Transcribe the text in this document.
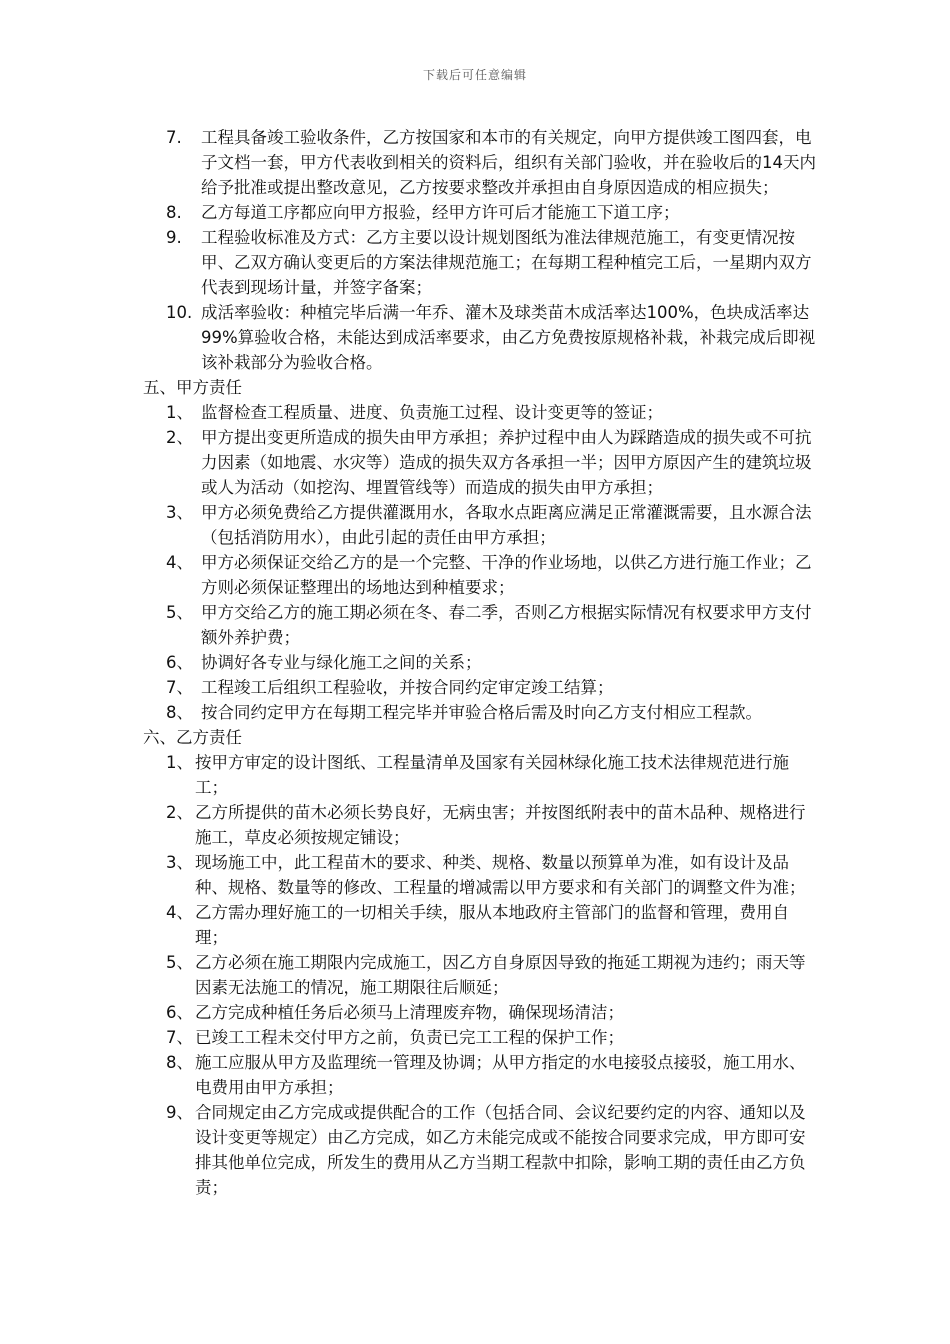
下载后可任意编辑
7. 工程具备竣工验收条件，乙方按国家和本市的有关规定，向甲方提供竣工图四套，电子文档一套，甲方代表收到相关的资料后，组织有关部门验收，并在验收后的14天内给予批准或提出整改意见，乙方按要求整改并承担由自身原因造成的相应损失；
8. 乙方每道工序都应向甲方报验，经甲方许可后才能施工下道工序；
9. 工程验收标准及方式：乙方主要以设计规划图纸为准法律规范施工，有变更情况按甲、乙双方确认变更后的方案法律规范施工；在每期工程种植完工后，一星期内双方代表到现场计量，并签字备案；
10. 成活率验收：种植完毕后满一年乔、灌木及球类苗木成活率达100%，色块成活率达99%算验收合格，未能达到成活率要求，由乙方免费按原规格补栽，补栽完成后即视该补栽部分为验收合格。
五、甲方责任
1、 监督检查工程质量、进度、负责施工过程、设计变更等的签证；
2、 甲方提出变更所造成的损失由甲方承担；养护过程中由人为踩踏造成的损失或不可抗力因素（如地震、水灾等）造成的损失双方各承担一半；因甲方原因产生的建筑垃圾或人为活动（如挖沟、埋置管线等）而造成的损失由甲方承担；
3、 甲方必须免费给乙方提供灌溉用水，各取水点距离应满足正常灌溉需要，且水源合法（包括消防用水），由此引起的责任由甲方承担；
4、 甲方必须保证交给乙方的是一个完整、干净的作业场地，以供乙方进行施工作业；乙方则必须保证整理出的场地达到种植要求；
5、 甲方交给乙方的施工期必须在冬、春二季，否则乙方根据实际情况有权要求甲方支付额外养护费；
6、 协调好各专业与绿化施工之间的关系；
7、 工程竣工后组织工程验收，并按合同约定审定竣工结算；
8、 按合同约定甲方在每期工程完毕并审验合格后需及时向乙方支付相应工程款。
六、乙方责任
1、 按甲方审定的设计图纸、工程量清单及国家有关园林绿化施工技术法律规范进行施工；
2、 乙方所提供的苗木必须长势良好，无病虫害；并按图纸附表中的苗木品种、规格进行施工，草皮必须按规定铺设；
3、 现场施工中，此工程苗木的要求、种类、规格、数量以预算单为准，如有设计及品种、规格、数量等的修改、工程量的增减需以甲方要求和有关部门的调整文件为准；
4、 乙方需办理好施工的一切相关手续，服从本地政府主管部门的监督和管理，费用自理；
5、 乙方必须在施工期限内完成施工，因乙方自身原因导致的拖延工期视为违约；雨天等因素无法施工的情况，施工期限往后顺延；
6、 乙方完成种植任务后必须马上清理废弃物，确保现场清洁；
7、 已竣工工程未交付甲方之前，负责已完工工程的保护工作；
8、 施工应服从甲方及监理统一管理及协调；从甲方指定的水电接驳点接驳，施工用水、电费用由甲方承担；
9、 合同规定由乙方完成或提供配合的工作（包括合同、会议纪要约定的内容、通知以及设计变更等规定）由乙方完成，如乙方未能完成或不能按合同要求完成，甲方即可安排其他单位完成，所发生的费用从乙方当期工程款中扣除，影响工期的责任由乙方负责；
